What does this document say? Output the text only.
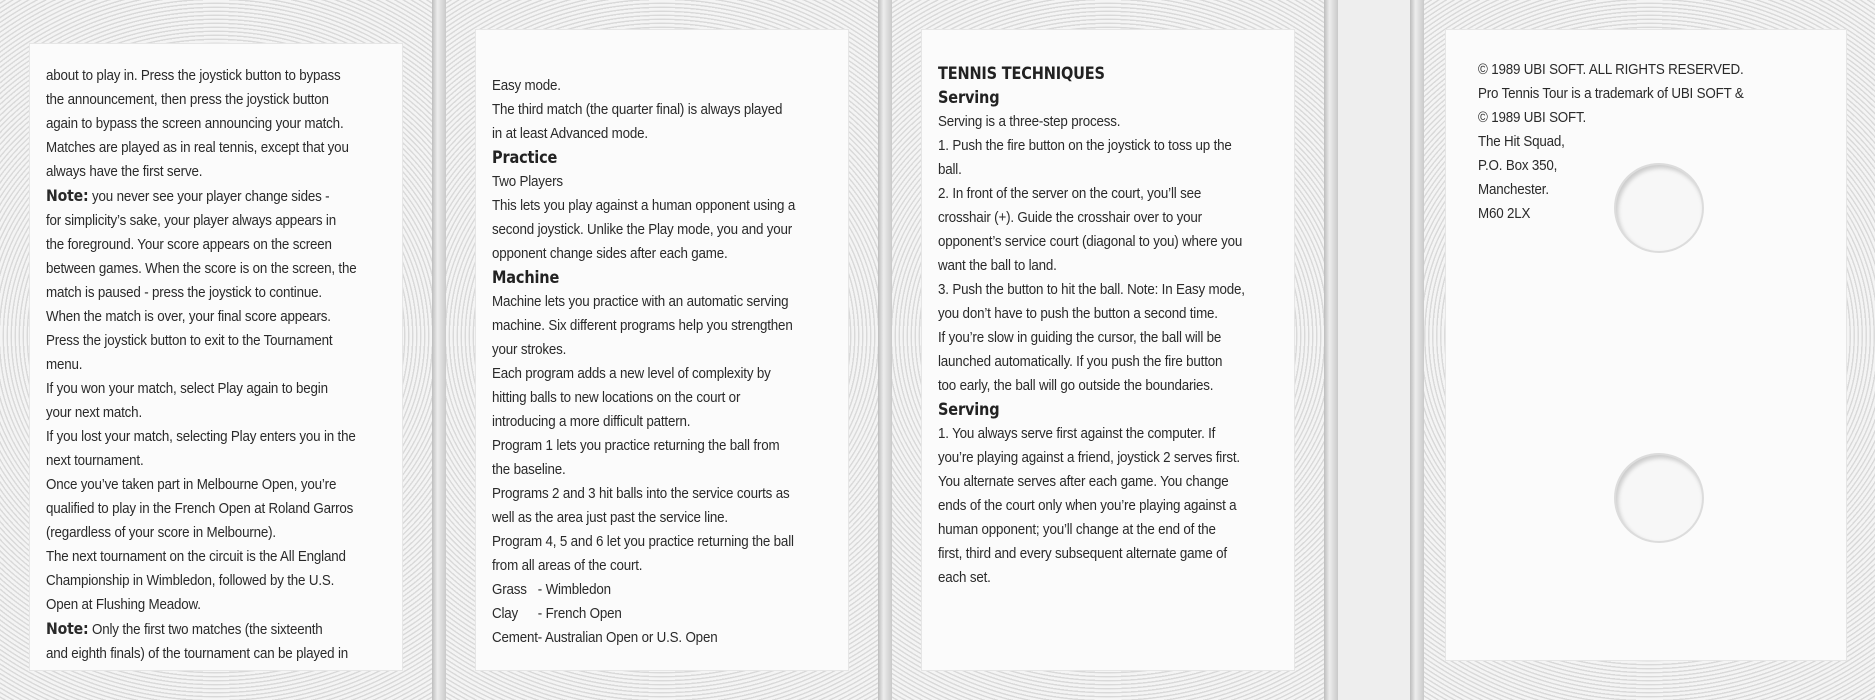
about to play in. Press the joystick button to bypass

the announcement, then press the joystick button

again to bypass the screen announcing your match.

Matches are played as in real tennis, except that you

always have the first serve.

Note: you never see your player change sides -

for simplicity’s sake, your player always appears in

the foreground. Your score appears on the screen

between games. When the score is on the screen, the

match is paused - press the joystick to continue.

When the match is over, your final score appears.

Press the joystick button to exit to the Tournament

menu.

If you won your match, select Play again to begin

your next match.

If you lost your match, selecting Play enters you in the

next tournament.

Once you’ve taken part in Melbourne Open, you’re

qualified to play in the French Open at Roland Garros

(regardless of your score in Melbourne).

The next tournament on the circuit is the All England

Championship in Wimbledon, followed by the U.S.

Open at Flushing Meadow.

Note: Only the first two matches (the sixteenth

and eighth finals) of the tournament can be played in

Easy mode.

The third match (the quarter final) is always played

in at least Advanced mode.

Practice

Two Players

This lets you play against a human opponent using a

second joystick. Unlike the Play mode, you and your

opponent change sides after each game.

Machine

Machine lets you practice with an automatic serving

machine. Six different programs help you strengthen

your strokes.

Each program adds a new level of complexity by

hitting balls to new locations on the court or

introducing a more difficult pattern.

Program 1 lets you practice returning the ball from

the baseline.

Programs 2 and 3 hit balls into the service courts as

well as the area just past the service line.

Program 4, 5 and 6 let you practice returning the ball

from all areas of the court.

Grass - Wimbledon
Clay	- French Open
Cement - Australian Open or U.S. Open

TENNIS TECHNIQUES

Serving

Serving is a three-step process.

1. Push the fire button on the joystick to toss up the

ball.

2. In front of the server on the court, you’ll see

crosshair (+). Guide the crosshair over to your

opponent’s service court (diagonal to you) where you

want the ball to land.

3. Push the button to hit the ball. Note: In Easy mode,

you don’t have to push the button a second time.

If you’re slow in guiding the cursor, the ball will be

launched automatically. If you push the fire button

too early, the ball will go outside the boundaries.

Serving

1. You always serve first against the computer. If

you’re playing against a friend, joystick 2 serves first.

You alternate serves after each game. You change

ends of the court only when you’re playing against a

human opponent; you’ll change at the end of the

first, third and every subsequent alternate game of

each set.

© 1989 UBI SOFT. ALL RIGHTS RESERVED.

Pro Tennis Tour is a trademark of UBI SOFT &

© 1989 UBI SOFT.

The Hit Squad,

P.O. Box 350,

Manchester.

M60 2LX
